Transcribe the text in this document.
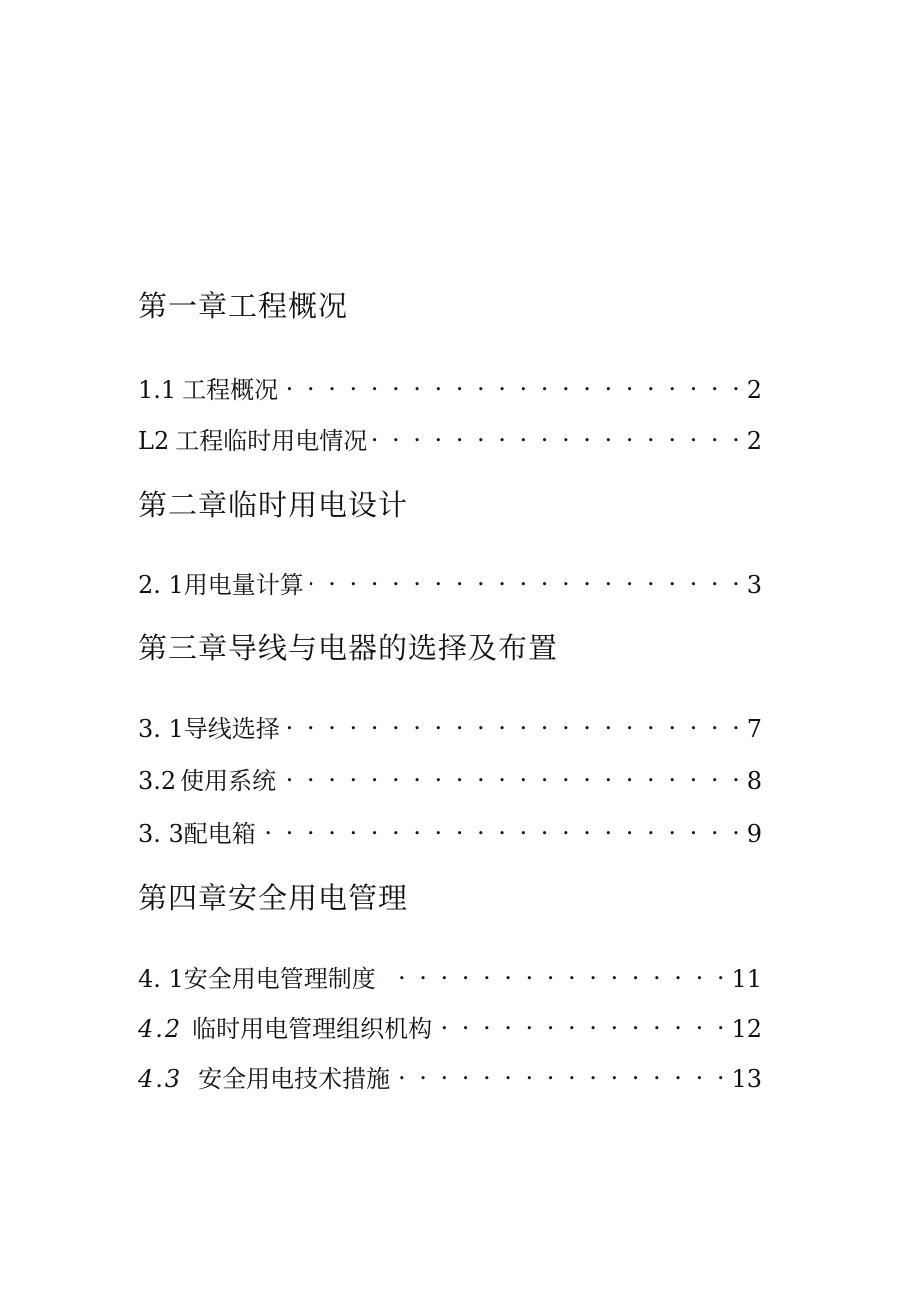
第一章工程概况
1.1 工程概况 . . .	2
L2 工程临时用电情况 . . .	2
第二章临时用电设计
2. 1 用电量计算 . . .	3
第三章导线与电器的选择及布置
3. 1 导线选择 . . .	7
3.2 使用系统 . . .	8
3. 3 配电箱 . . .	9
第四章安全用电管理
4. 1 安全用电管理制度 . . .	11
4.2 临时用电管理组织机构 . . .	12
4.3 安全用电技术措施 . . .	13
